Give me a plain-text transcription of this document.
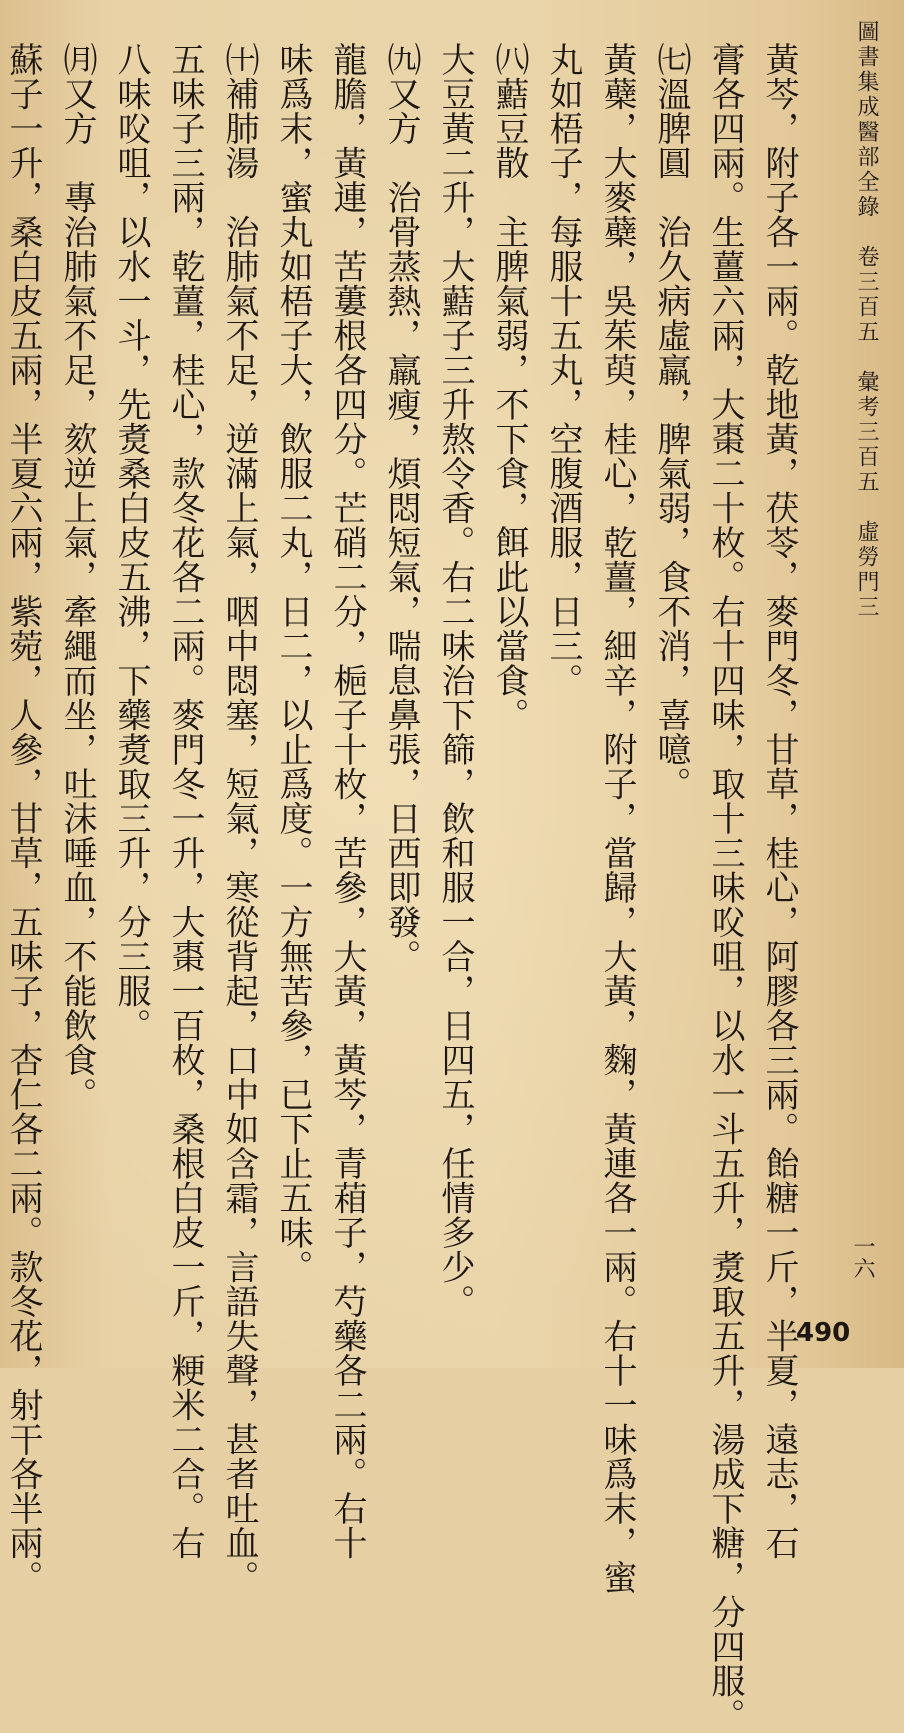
圖書集成醫部全錄　卷三百五　彙考三百五　虛勞門三
一六
黃芩，附子各一兩。乾地黃，茯苓，麥門冬，甘草，桂心，阿膠各三兩。飴糖一斤，半夏，遠志，石
膏各四兩。生薑六兩，大棗二十枚。右十四味，取十三味㕮咀，以水一斗五升，煑取五升，湯成下糖，分四服。
㈦溫脾圓　治久病虛羸，脾氣弱，食不消，喜噫。
黃蘗，大麥蘗，吳茱萸，桂心，乾薑，細辛，附子，當歸，大黃，麴，黃連各一兩。右十一味爲末，蜜
丸如梧子，每服十五丸，空腹酒服，日三。
㈧䕸豆散　主脾氣弱，不下食，餌此以當食。
大豆黃二升，大䕸子三升熬令香。右二味治下篩，飲和服一合，日四五，任情多少。
㈨又方　治骨蒸熱，羸瘦，煩悶短氣，喘息鼻張，日西即發。
龍膽，黃連，苦蔞根各四分。芒硝二分，梔子十枚，苦參，大黃，黃芩，青葙子，芍藥各二兩。右十
味爲末，蜜丸如梧子大，飲服二丸，日二，以止爲度。一方無苦參，已下止五味。
㈩補肺湯　治肺氣不足，逆滿上氣，咽中悶塞，短氣，寒從背起，口中如含霜，言語失聲，甚者吐血。
五味子三兩，乾薑，桂心，款冬花各二兩。麥門冬一升，大棗一百枚，桑根白皮一斤，粳米二合。右
八味㕮咀，以水一斗，先煑桑白皮五沸，下藥煑取三升，分三服。
㈪又方　專治肺氣不足，欬逆上氣，牽繩而坐，吐沫唾血，不能飲食。
蘇子一升，桑白皮五兩，半夏六兩，紫菀，人參，甘草，五味子，杏仁各二兩。款冬花，射干各半兩。	490
